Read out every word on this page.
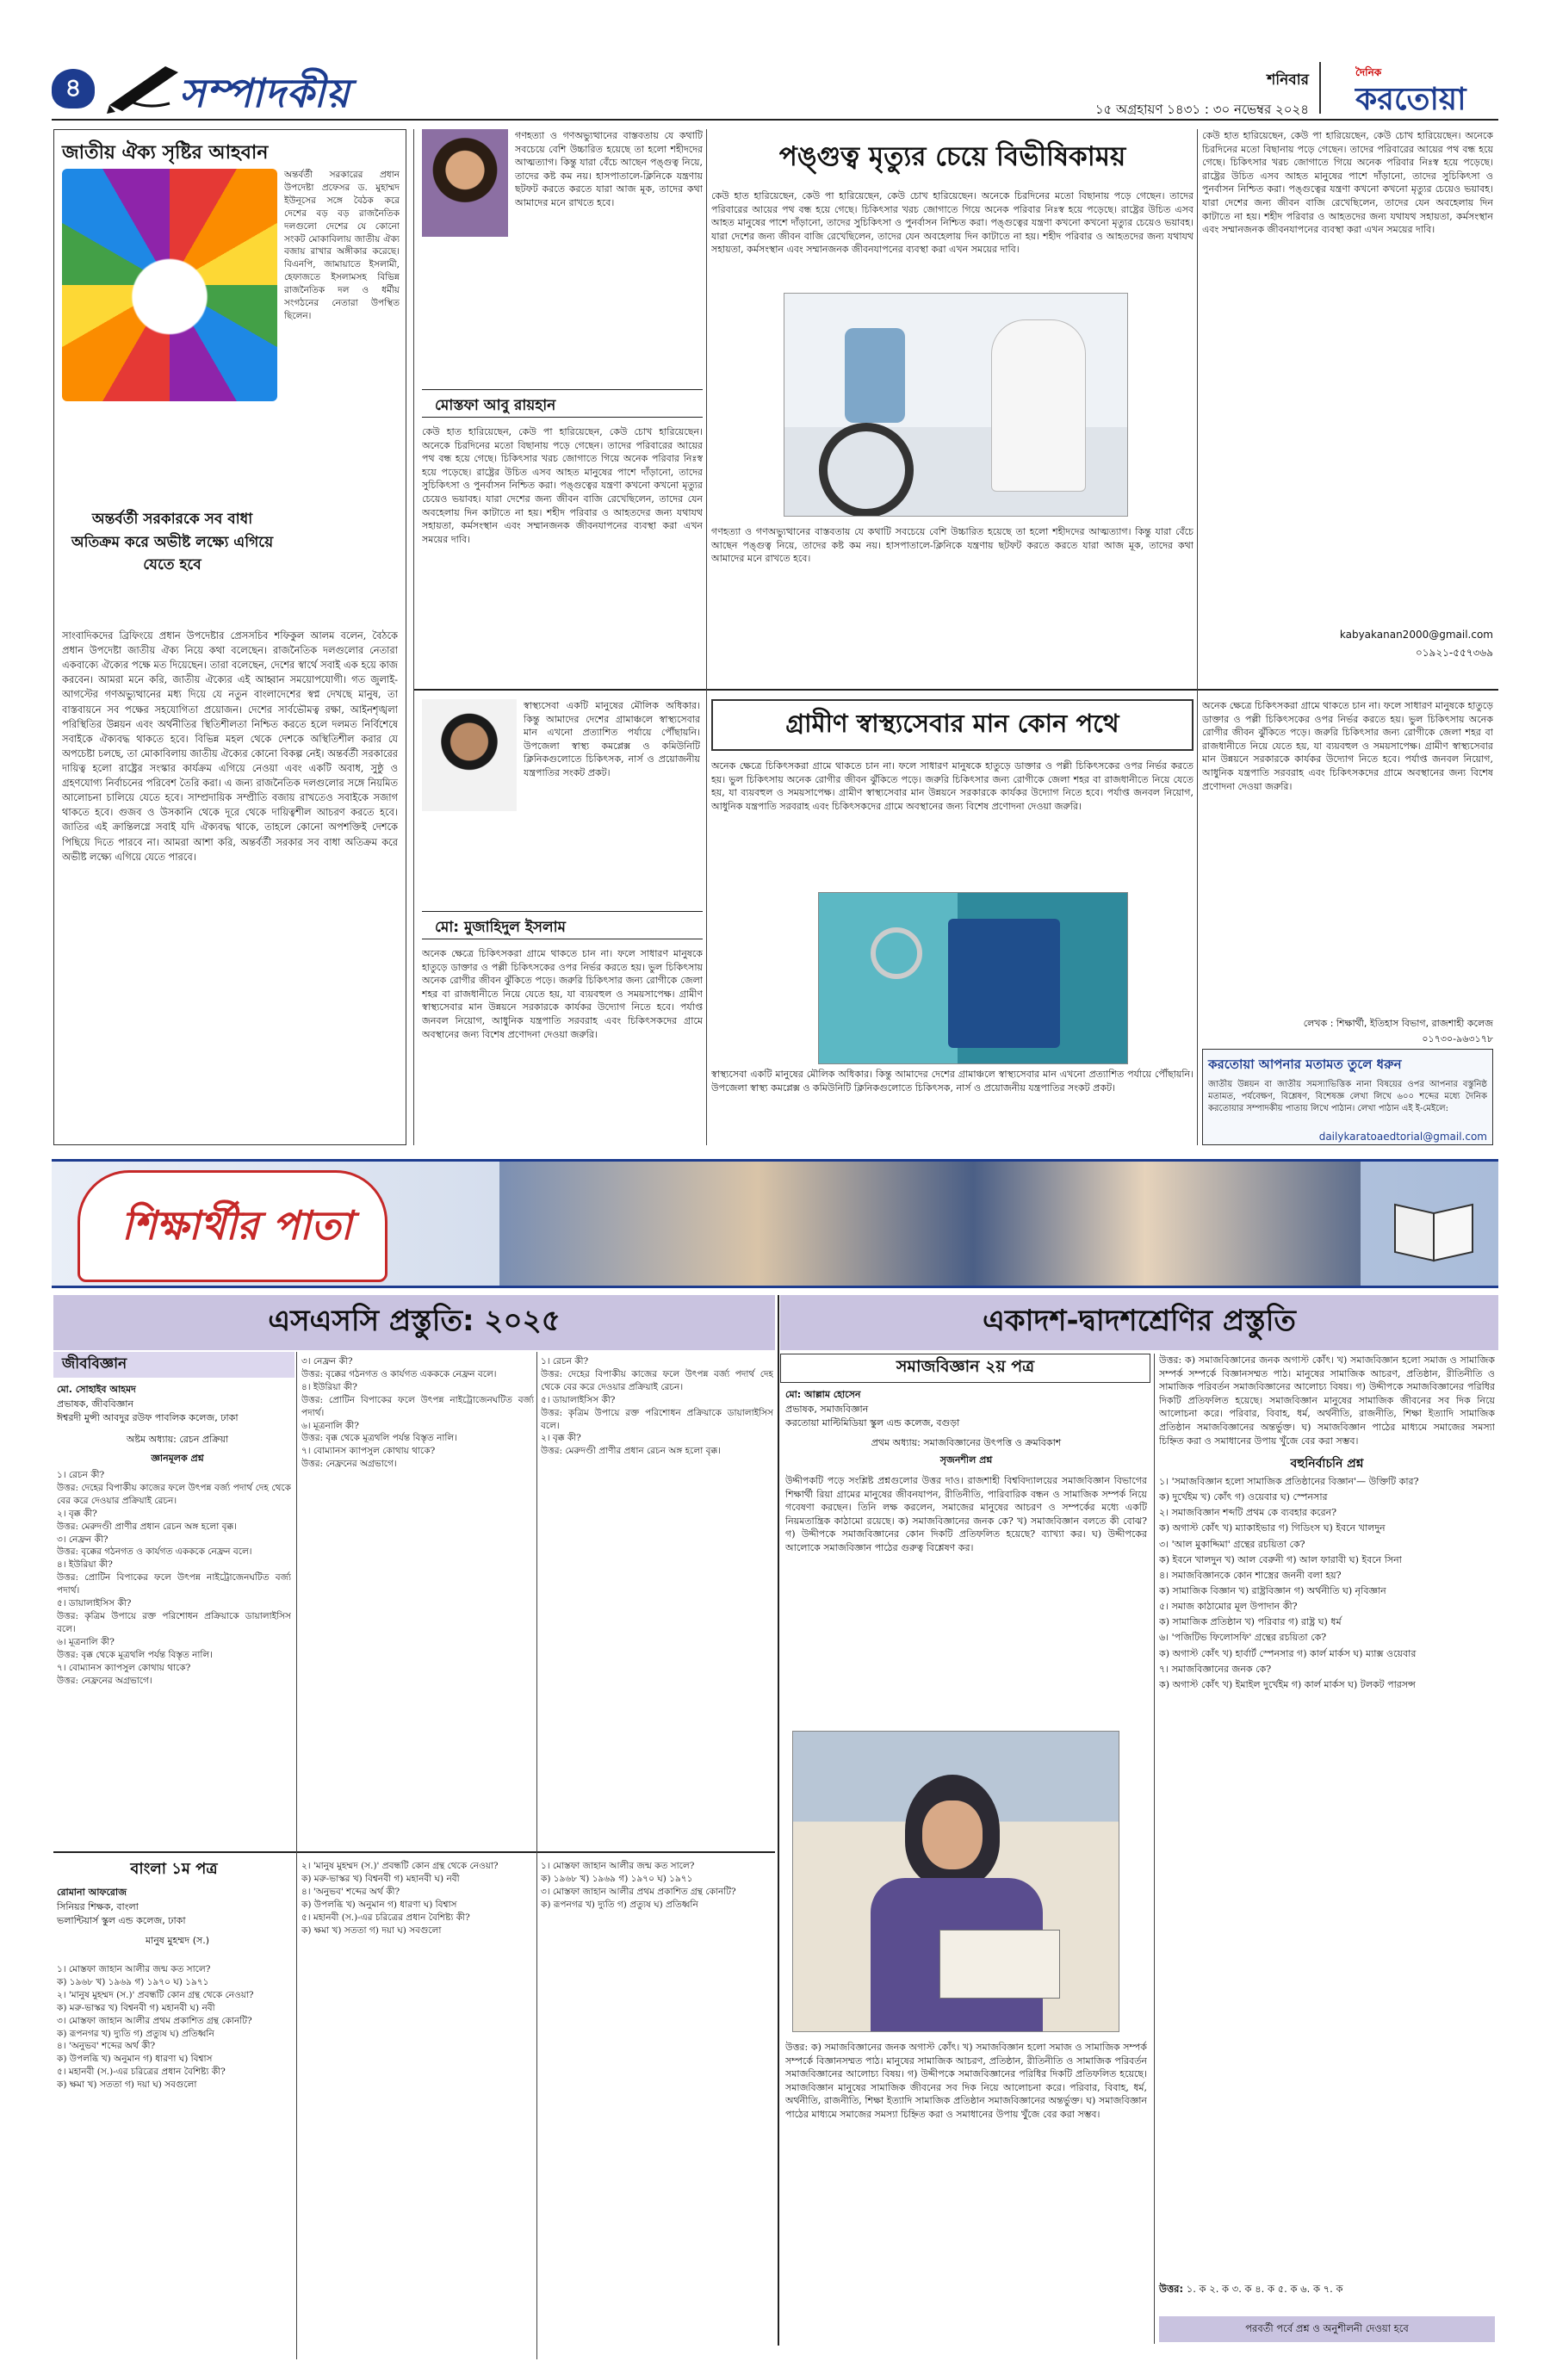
৪ সম্পাদকীয়	শনিবার
১৫ অগ্রহায়ণ ১৪৩১ : ৩০ নভেম্বর ২০২৪
দৈনিক
করতোয়া
জাতীয় ঐক্য সৃষ্টির আহবান
অন্তর্বর্তী সরকারের প্রধান উপদেষ্টা প্রফেসর ড. মুহাম্মদ ইউনূসের সঙ্গে বৈঠক করে দেশের বড় বড় রাজনৈতিক দলগুলো দেশের যে কোনো সংকট মোকাবিলায় জাতীয় ঐক্য বজায় রাখার অঙ্গীকার করেছে। বিএনপি, জামায়াতে ইসলামী, হেফাজতে ইসলামসহ বিভিন্ন রাজনৈতিক দল ও ধর্মীয় সংগঠনের নেতারা উপস্থিত ছিলেন।
অন্তর্বর্তী সরকারকে সব বাধা অতিক্রম করে অভীষ্ট লক্ষ্যে এগিয়ে যেতে হবে
সাংবাদিকদের ব্রিফিংয়ে প্রধান উপদেষ্টার প্রেসসচিব শফিকুল আলম বলেন, বৈঠকে প্রধান উপদেষ্টা জাতীয় ঐক্য নিয়ে কথা বলেছেন। রাজনৈতিক দলগুলোর নেতারা একবাক্যে ঐক্যের পক্ষে মত দিয়েছেন। তারা বলেছেন, দেশের স্বার্থে সবাই এক হয়ে কাজ করবেন। আমরা মনে করি, জাতীয় ঐক্যের এই আহ্বান সময়োপযোগী। গত জুলাই-আগস্টের গণঅভ্যুত্থানের মধ্য দিয়ে যে নতুন বাংলাদেশের স্বপ্ন দেখছে মানুষ, তা বাস্তবায়নে সব পক্ষের সহযোগিতা প্রয়োজন। দেশের সার্বভৌমত্ব রক্ষা, আইনশৃঙ্খলা পরিস্থিতির উন্নয়ন এবং অর্থনীতির স্থিতিশীলতা নিশ্চিত করতে হলে দলমত নির্বিশেষে সবাইকে ঐক্যবদ্ধ থাকতে হবে। বিভিন্ন মহল থেকে দেশকে অস্থিতিশীল করার যে অপচেষ্টা চলছে, তা মোকাবিলায় জাতীয় ঐক্যের কোনো বিকল্প নেই। অন্তর্বর্তী সরকারের দায়িত্ব হলো রাষ্ট্রের সংস্কার কার্যক্রম এগিয়ে নেওয়া এবং একটি অবাধ, সুষ্ঠু ও গ্রহণযোগ্য নির্বাচনের পরিবেশ তৈরি করা। এ জন্য রাজনৈতিক দলগুলোর সঙ্গে নিয়মিত আলোচনা চালিয়ে যেতে হবে। সাম্প্রদায়িক সম্প্রীতি বজায় রাখতেও সবাইকে সজাগ থাকতে হবে। গুজব ও উসকানি থেকে দূরে থেকে দায়িত্বশীল আচরণ করতে হবে। জাতির এই ক্রান্তিলগ্নে সবাই যদি ঐক্যবদ্ধ থাকে, তাহলে কোনো অপশক্তিই দেশকে পিছিয়ে দিতে পারবে না। আমরা আশা করি, অন্তর্বর্তী সরকার সব বাধা অতিক্রম করে অভীষ্ট লক্ষ্যে এগিয়ে যেতে পারবে।
গণহত্যা ও গণঅভ্যুত্থানের বাস্তবতায় যে কথাটি সবচেয়ে বেশি উচ্চারিত হয়েছে তা হলো শহীদদের আত্মত্যাগ। কিন্তু যারা বেঁচে আছেন পঙ্গুত্ব নিয়ে, তাদের কষ্ট কম নয়। হাসপাতালে-ক্লিনিকে যন্ত্রণায় ছটফট করতে করতে যারা আজ মূক, তাদের কথা আমাদের মনে রাখতে হবে।
মোস্তফা আবু রায়হান
কেউ হাত হারিয়েছেন, কেউ পা হারিয়েছেন, কেউ চোখ হারিয়েছেন। অনেকে চিরদিনের মতো বিছানায় পড়ে গেছেন। তাদের পরিবারের আয়ের পথ বন্ধ হয়ে গেছে। চিকিৎসার খরচ জোগাতে গিয়ে অনেক পরিবার নিঃস্ব হয়ে পড়েছে। রাষ্ট্রের উচিত এসব আহত মানুষের পাশে দাঁড়ানো, তাদের সুচিকিৎসা ও পুনর্বাসন নিশ্চিত করা। পঙ্গুত্বের যন্ত্রণা কখনো কখনো মৃত্যুর চেয়েও ভয়াবহ। যারা দেশের জন্য জীবন বাজি রেখেছিলেন, তাদের যেন অবহেলায় দিন কাটাতে না হয়। শহীদ পরিবার ও আহতদের জন্য যথাযথ সহায়তা, কর্মসংস্থান এবং সম্মানজনক জীবনযাপনের ব্যবস্থা করা এখন সময়ের দাবি।
পঙ্গুত্ব মৃত্যুর চেয়ে বিভীষিকাময়
কেউ হাত হারিয়েছেন, কেউ পা হারিয়েছেন, কেউ চোখ হারিয়েছেন। অনেকে চিরদিনের মতো বিছানায় পড়ে গেছেন। তাদের পরিবারের আয়ের পথ বন্ধ হয়ে গেছে। চিকিৎসার খরচ জোগাতে গিয়ে অনেক পরিবার নিঃস্ব হয়ে পড়েছে। রাষ্ট্রের উচিত এসব আহত মানুষের পাশে দাঁড়ানো, তাদের সুচিকিৎসা ও পুনর্বাসন নিশ্চিত করা। পঙ্গুত্বের যন্ত্রণা কখনো কখনো মৃত্যুর চেয়েও ভয়াবহ। যারা দেশের জন্য জীবন বাজি রেখেছিলেন, তাদের যেন অবহেলায় দিন কাটাতে না হয়। শহীদ পরিবার ও আহতদের জন্য যথাযথ সহায়তা, কর্মসংস্থান এবং সম্মানজনক জীবনযাপনের ব্যবস্থা করা এখন সময়ের দাবি।
গণহত্যা ও গণঅভ্যুত্থানের বাস্তবতায় যে কথাটি সবচেয়ে বেশি উচ্চারিত হয়েছে তা হলো শহীদদের আত্মত্যাগ। কিন্তু যারা বেঁচে আছেন পঙ্গুত্ব নিয়ে, তাদের কষ্ট কম নয়। হাসপাতালে-ক্লিনিকে যন্ত্রণায় ছটফট করতে করতে যারা আজ মূক, তাদের কথা আমাদের মনে রাখতে হবে।
কেউ হাত হারিয়েছেন, কেউ পা হারিয়েছেন, কেউ চোখ হারিয়েছেন। অনেকে চিরদিনের মতো বিছানায় পড়ে গেছেন। তাদের পরিবারের আয়ের পথ বন্ধ হয়ে গেছে। চিকিৎসার খরচ জোগাতে গিয়ে অনেক পরিবার নিঃস্ব হয়ে পড়েছে। রাষ্ট্রের উচিত এসব আহত মানুষের পাশে দাঁড়ানো, তাদের সুচিকিৎসা ও পুনর্বাসন নিশ্চিত করা। পঙ্গুত্বের যন্ত্রণা কখনো কখনো মৃত্যুর চেয়েও ভয়াবহ। যারা দেশের জন্য জীবন বাজি রেখেছিলেন, তাদের যেন অবহেলায় দিন কাটাতে না হয়। শহীদ পরিবার ও আহতদের জন্য যথাযথ সহায়তা, কর্মসংস্থান এবং সম্মানজনক জীবনযাপনের ব্যবস্থা করা এখন সময়ের দাবি।
kabyakanan2000@gmail.com
০১৯২১-৫৫৭৩৬৯
স্বাস্থ্যসেবা একটি মানুষের মৌলিক অধিকার। কিন্তু আমাদের দেশের গ্রামাঞ্চলে স্বাস্থ্যসেবার মান এখনো প্রত্যাশিত পর্যায়ে পৌঁছায়নি। উপজেলা স্বাস্থ্য কমপ্লেক্স ও কমিউনিটি ক্লিনিকগুলোতে চিকিৎসক, নার্স ও প্রয়োজনীয় যন্ত্রপাতির সংকট প্রকট।
মো: মুজাহিদুল ইসলাম
অনেক ক্ষেত্রে চিকিৎসকরা গ্রামে থাকতে চান না। ফলে সাধারণ মানুষকে হাতুড়ে ডাক্তার ও পল্লী চিকিৎসকের ওপর নির্ভর করতে হয়। ভুল চিকিৎসায় অনেক রোগীর জীবন ঝুঁকিতে পড়ে। জরুরি চিকিৎসার জন্য রোগীকে জেলা শহর বা রাজধানীতে নিয়ে যেতে হয়, যা ব্যয়বহুল ও সময়সাপেক্ষ। গ্রামীণ স্বাস্থ্যসেবার মান উন্নয়নে সরকারকে কার্যকর উদ্যোগ নিতে হবে। পর্যাপ্ত জনবল নিয়োগ, আধুনিক যন্ত্রপাতি সরবরাহ এবং চিকিৎসকদের গ্রামে অবস্থানের জন্য বিশেষ প্রণোদনা দেওয়া জরুরি।
গ্রামীণ স্বাস্থ্যসেবার মান কোন পথে
অনেক ক্ষেত্রে চিকিৎসকরা গ্রামে থাকতে চান না। ফলে সাধারণ মানুষকে হাতুড়ে ডাক্তার ও পল্লী চিকিৎসকের ওপর নির্ভর করতে হয়। ভুল চিকিৎসায় অনেক রোগীর জীবন ঝুঁকিতে পড়ে। জরুরি চিকিৎসার জন্য রোগীকে জেলা শহর বা রাজধানীতে নিয়ে যেতে হয়, যা ব্যয়বহুল ও সময়সাপেক্ষ। গ্রামীণ স্বাস্থ্যসেবার মান উন্নয়নে সরকারকে কার্যকর উদ্যোগ নিতে হবে। পর্যাপ্ত জনবল নিয়োগ, আধুনিক যন্ত্রপাতি সরবরাহ এবং চিকিৎসকদের গ্রামে অবস্থানের জন্য বিশেষ প্রণোদনা দেওয়া জরুরি।
স্বাস্থ্যসেবা একটি মানুষের মৌলিক অধিকার। কিন্তু আমাদের দেশের গ্রামাঞ্চলে স্বাস্থ্যসেবার মান এখনো প্রত্যাশিত পর্যায়ে পৌঁছায়নি। উপজেলা স্বাস্থ্য কমপ্লেক্স ও কমিউনিটি ক্লিনিকগুলোতে চিকিৎসক, নার্স ও প্রয়োজনীয় যন্ত্রপাতির সংকট প্রকট।
অনেক ক্ষেত্রে চিকিৎসকরা গ্রামে থাকতে চান না। ফলে সাধারণ মানুষকে হাতুড়ে ডাক্তার ও পল্লী চিকিৎসকের ওপর নির্ভর করতে হয়। ভুল চিকিৎসায় অনেক রোগীর জীবন ঝুঁকিতে পড়ে। জরুরি চিকিৎসার জন্য রোগীকে জেলা শহর বা রাজধানীতে নিয়ে যেতে হয়, যা ব্যয়বহুল ও সময়সাপেক্ষ। গ্রামীণ স্বাস্থ্যসেবার মান উন্নয়নে সরকারকে কার্যকর উদ্যোগ নিতে হবে। পর্যাপ্ত জনবল নিয়োগ, আধুনিক যন্ত্রপাতি সরবরাহ এবং চিকিৎসকদের গ্রামে অবস্থানের জন্য বিশেষ প্রণোদনা দেওয়া জরুরি।
লেখক : শিক্ষার্থী, ইতিহাস বিভাগ, রাজশাহী কলেজ
০১৭৩০-৯৬৩১৭৮
করতোয়া আপনার মতামত তুলে ধরুন
জাতীয় উন্নয়ন বা জাতীয় সমস্যাভিত্তিক নানা বিষয়ের ওপর আপনার বস্তুনিষ্ঠ মতামত, পর্যবেক্ষণ, বিশ্লেষণ, বিশেষজ্ঞ লেখা লিখে ৬০০ শব্দের মধ্যে দৈনিক করতোয়ার সম্পাদকীয় পাতায় লিখে পাঠান। লেখা পাঠান এই ই-মেইলে:
dailykaratoaedtorial@gmail.com
শিক্ষার্থীর পাতা
এসএসসি প্রস্তুতি: ২০২৫
জীববিজ্ঞান
মো. সোহাইব আহমদ
প্রভাষক, জীববিজ্ঞান
ঈশ্বরদী মুন্সী আবদুর রউফ পাবলিক কলেজ, ঢাকা
অষ্টম অধ্যায়: রেচন প্রক্রিয়া
জ্ঞানমূলক প্রশ্ন
১। রেচন কী?
উত্তর: দেহের বিপাকীয় কাজের ফলে উৎপন্ন বর্জ্য পদার্থ দেহ থেকে বের করে দেওয়ার প্রক্রিয়াই রেচন।
২। বৃক্ক কী?
উত্তর: মেরুদণ্ডী প্রাণীর প্রধান রেচন অঙ্গ হলো বৃক্ক।
৩। নেফ্রন কী?
উত্তর: বৃক্কের গঠনগত ও কার্যগত একককে নেফ্রন বলে।
৪। ইউরিয়া কী?
উত্তর: প্রোটিন বিপাকের ফলে উৎপন্ন নাইট্রোজেনঘটিত বর্জ্য পদার্থ।
৫। ডায়ালাইসিস কী?
উত্তর: কৃত্রিম উপায়ে রক্ত পরিশোধন প্রক্রিয়াকে ডায়ালাইসিস বলে।
৬। মূত্রনালি কী?
উত্তর: বৃক্ক থেকে মূত্রথলি পর্যন্ত বিস্তৃত নালি।
৭। বোম্যানস ক্যাপসুল কোথায় থাকে?
উত্তর: নেফ্রনের অগ্রভাগে।
৩। নেফ্রন কী?
উত্তর: বৃক্কের গঠনগত ও কার্যগত একককে নেফ্রন বলে।
৪। ইউরিয়া কী?
উত্তর: প্রোটিন বিপাকের ফলে উৎপন্ন নাইট্রোজেনঘটিত বর্জ্য পদার্থ।
৬। মূত্রনালি কী?
উত্তর: বৃক্ক থেকে মূত্রথলি পর্যন্ত বিস্তৃত নালি।
৭। বোম্যানস ক্যাপসুল কোথায় থাকে?
উত্তর: নেফ্রনের অগ্রভাগে।
১। রেচন কী?
উত্তর: দেহের বিপাকীয় কাজের ফলে উৎপন্ন বর্জ্য পদার্থ দেহ থেকে বের করে দেওয়ার প্রক্রিয়াই রেচন।
৫। ডায়ালাইসিস কী?
উত্তর: কৃত্রিম উপায়ে রক্ত পরিশোধন প্রক্রিয়াকে ডায়ালাইসিস বলে।
২। বৃক্ক কী?
উত্তর: মেরুদণ্ডী প্রাণীর প্রধান রেচন অঙ্গ হলো বৃক্ক।
বাংলা ১ম পত্র
রোমানা আফরোজ
সিনিয়র শিক্ষক, বাংলা
ভলান্টিয়ার্স স্কুল এন্ড কলেজ, ঢাকা
মানুষ মুহম্মদ (স.)
১। মোস্তফা জাহান আলীর জন্ম কত সালে?
ক) ১৯৬৮ খ) ১৯৬৯ গ) ১৯৭০ ঘ) ১৯৭১
২। 'মানুষ মুহম্মদ (স.)' প্রবন্ধটি কোন গ্রন্থ থেকে নেওয়া?
ক) মরু-ভাস্কর খ) বিশ্বনবী গ) মহানবী ঘ) নবী
৩। মোস্তফা জাহান আলীর প্রথম প্রকাশিত গ্রন্থ কোনটি?
ক) রূপনগর খ) দ্যুতি গ) প্রত্যুষ ঘ) প্রতিধ্বনি
৪। 'অনুভব' শব্দের অর্থ কী?
ক) উপলব্ধি খ) অনুমান গ) ধারণা ঘ) বিশ্বাস
৫। মহানবী (স.)-এর চরিত্রের প্রধান বৈশিষ্ট্য কী?
ক) ক্ষমা খ) সততা গ) দয়া ঘ) সবগুলো
২। 'মানুষ মুহম্মদ (স.)' প্রবন্ধটি কোন গ্রন্থ থেকে নেওয়া?
ক) মরু-ভাস্কর খ) বিশ্বনবী গ) মহানবী ঘ) নবী
৪। 'অনুভব' শব্দের অর্থ কী?
ক) উপলব্ধি খ) অনুমান গ) ধারণা ঘ) বিশ্বাস
৫। মহানবী (স.)-এর চরিত্রের প্রধান বৈশিষ্ট্য কী?
ক) ক্ষমা খ) সততা গ) দয়া ঘ) সবগুলো
১। মোস্তফা জাহান আলীর জন্ম কত সালে?
ক) ১৯৬৮ খ) ১৯৬৯ গ) ১৯৭০ ঘ) ১৯৭১
৩। মোস্তফা জাহান আলীর প্রথম প্রকাশিত গ্রন্থ কোনটি?
ক) রূপনগর খ) দ্যুতি গ) প্রত্যুষ ঘ) প্রতিধ্বনি
একাদশ-দ্বাদশশ্রেণির প্রস্তুতি
সমাজবিজ্ঞান ২য় পত্র
মো: আল্লাম হোসেন
প্রভাষক, সমাজবিজ্ঞান
করতোয়া মাল্টিমিডিয়া স্কুল এন্ড কলেজ, বগুড়া
প্রথম অধ্যায়: সমাজবিজ্ঞানের উৎপত্তি ও ক্রমবিকাশ
সৃজনশীল প্রশ্ন
উদ্দীপকটি পড়ে সংশ্লিষ্ট প্রশ্নগুলোর উত্তর দাও। রাজশাহী বিশ্ববিদ্যালয়ের সমাজবিজ্ঞান বিভাগের শিক্ষার্থী রিয়া গ্রামের মানুষের জীবনযাপন, রীতিনীতি, পারিবারিক বন্ধন ও সামাজিক সম্পর্ক নিয়ে গবেষণা করছেন। তিনি লক্ষ করলেন, সমাজের মানুষের আচরণ ও সম্পর্কের মধ্যে একটি নিয়মতান্ত্রিক কাঠামো রয়েছে। ক) সমাজবিজ্ঞানের জনক কে? খ) সমাজবিজ্ঞান বলতে কী বোঝ? গ) উদ্দীপকে সমাজবিজ্ঞানের কোন দিকটি প্রতিফলিত হয়েছে? ব্যাখ্যা কর। ঘ) উদ্দীপকের আলোকে সমাজবিজ্ঞান পাঠের গুরুত্ব বিশ্লেষণ কর।
উত্তর: ক) সমাজবিজ্ঞানের জনক অগাস্ট কোঁৎ। খ) সমাজবিজ্ঞান হলো সমাজ ও সামাজিক সম্পর্ক সম্পর্কে বিজ্ঞানসম্মত পাঠ। মানুষের সামাজিক আচরণ, প্রতিষ্ঠান, রীতিনীতি ও সামাজিক পরিবর্তন সমাজবিজ্ঞানের আলোচ্য বিষয়। গ) উদ্দীপকে সমাজবিজ্ঞানের পরিধির দিকটি প্রতিফলিত হয়েছে। সমাজবিজ্ঞান মানুষের সামাজিক জীবনের সব দিক নিয়ে আলোচনা করে। পরিবার, বিবাহ, ধর্ম, অর্থনীতি, রাজনীতি, শিক্ষা ইত্যাদি সামাজিক প্রতিষ্ঠান সমাজবিজ্ঞানের অন্তর্ভুক্ত। ঘ) সমাজবিজ্ঞান পাঠের মাধ্যমে সমাজের সমস্যা চিহ্নিত করা ও সমাধানের উপায় খুঁজে বের করা সম্ভব।
উত্তর: ক) সমাজবিজ্ঞানের জনক অগাস্ট কোঁৎ। খ) সমাজবিজ্ঞান হলো সমাজ ও সামাজিক সম্পর্ক সম্পর্কে বিজ্ঞানসম্মত পাঠ। মানুষের সামাজিক আচরণ, প্রতিষ্ঠান, রীতিনীতি ও সামাজিক পরিবর্তন সমাজবিজ্ঞানের আলোচ্য বিষয়। গ) উদ্দীপকে সমাজবিজ্ঞানের পরিধির দিকটি প্রতিফলিত হয়েছে। সমাজবিজ্ঞান মানুষের সামাজিক জীবনের সব দিক নিয়ে আলোচনা করে। পরিবার, বিবাহ, ধর্ম, অর্থনীতি, রাজনীতি, শিক্ষা ইত্যাদি সামাজিক প্রতিষ্ঠান সমাজবিজ্ঞানের অন্তর্ভুক্ত। ঘ) সমাজবিজ্ঞান পাঠের মাধ্যমে সমাজের সমস্যা চিহ্নিত করা ও সমাধানের উপায় খুঁজে বের করা সম্ভব।
বহুনির্বাচনি প্রশ্ন
১। 'সমাজবিজ্ঞান হলো সামাজিক প্রতিষ্ঠানের বিজ্ঞান'— উক্তিটি কার?
ক) দুর্খেইম খ) কোঁৎ গ) ওয়েবার ঘ) স্পেনসার
২। সমাজবিজ্ঞান শব্দটি প্রথম কে ব্যবহার করেন?
ক) অগাস্ট কোঁৎ খ) ম্যাকাইভার গ) গিডিংস ঘ) ইবনে খালদুন
৩। 'আল মুকাদ্দিমা' গ্রন্থের রচয়িতা কে?
ক) ইবনে খালদুন খ) আল বেরুনী গ) আল ফারাবী ঘ) ইবনে সিনা
৪। সমাজবিজ্ঞানকে কোন শাস্ত্রের জননী বলা হয়?
ক) সামাজিক বিজ্ঞান খ) রাষ্ট্রবিজ্ঞান গ) অর্থনীতি ঘ) নৃবিজ্ঞান
৫। সমাজ কাঠামোর মূল উপাদান কী?
ক) সামাজিক প্রতিষ্ঠান খ) পরিবার গ) রাষ্ট্র ঘ) ধর্ম
৬। 'পজিটিভ ফিলোসফি' গ্রন্থের রচয়িতা কে?
ক) অগাস্ট কোঁৎ খ) হার্বার্ট স্পেনসার গ) কার্ল মার্কস ঘ) ম্যাক্স ওয়েবার
৭। সমাজবিজ্ঞানের জনক কে?
ক) অগাস্ট কোঁৎ খ) ইমাইল দুর্খেইম গ) কার্ল মার্কস ঘ) টলকট পারসন্স
উত্তর: ১. ক ২. ক ৩. ক ৪. ক ৫. ক ৬. ক ৭. ক
পরবর্তী পর্বে প্রশ্ন ও অনুশীলনী দেওয়া হবে
